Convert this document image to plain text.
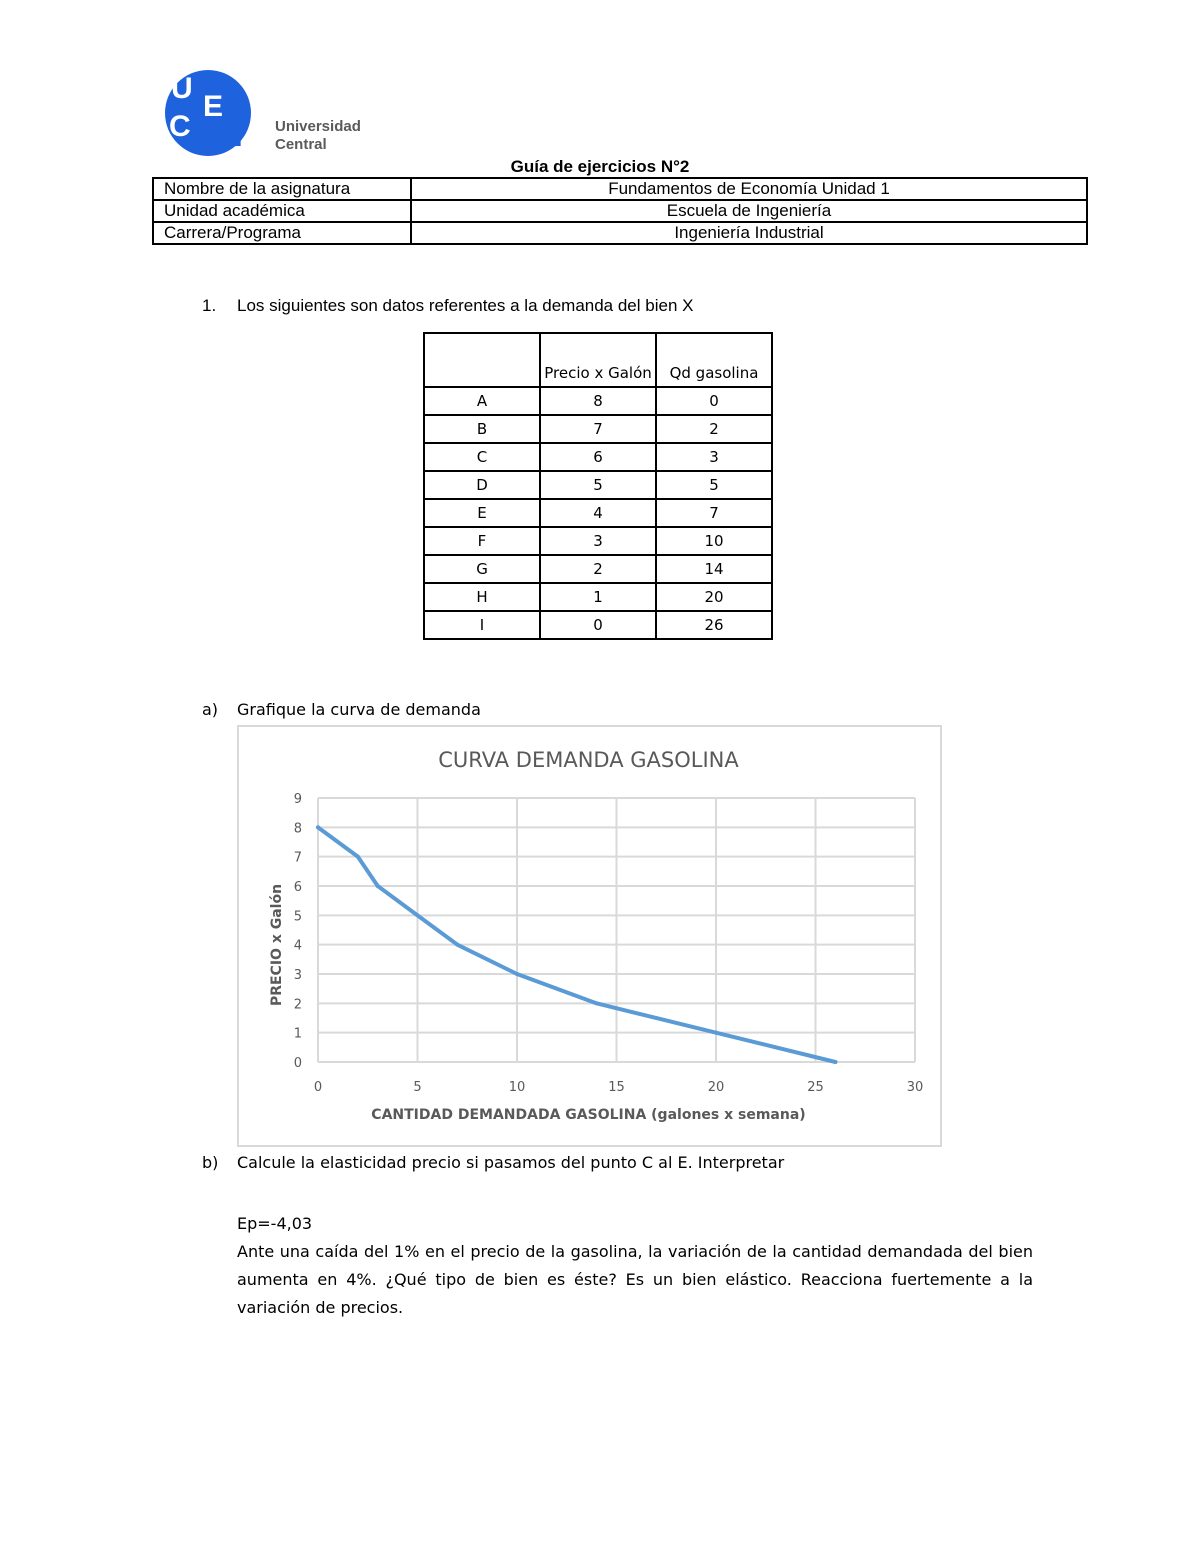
U
C
E
N Universidad
Central
Guía de ejercicios N°2
Nombre de la asignatura	Fundamentos de Economía Unidad 1
Unidad académica	Escuela de Ingeniería
Carrera/Programa	Ingeniería Industrial
1. Los siguientes son datos referentes a la demanda del bien X
	Precio x Galón	Qd gasolina
A	8	0
B	7	2
C	6	3
D	5	5
E	4	7
F	3	10
G	2	14
H	1	20
I	0	26
a) Grafique la curva de demanda
CURVA DEMANDA GASOLINA
0
1
2
3
4
5
6
7
8
9
0	5	10	15	20	25	30
CANTIDAD DEMANDADA GASOLINA (galones x semana)
PRECIO x Galón
b) Calcule la elasticidad precio si pasamos del punto C al E. Interpretar

Ep=-4,03

Ante una caída del 1% en el precio de la gasolina, la variación de la cantidad demandada del bien aumenta en 4%. ¿Qué tipo de bien es éste? Es un bien elástico. Reacciona fuertemente a la variación de precios.
